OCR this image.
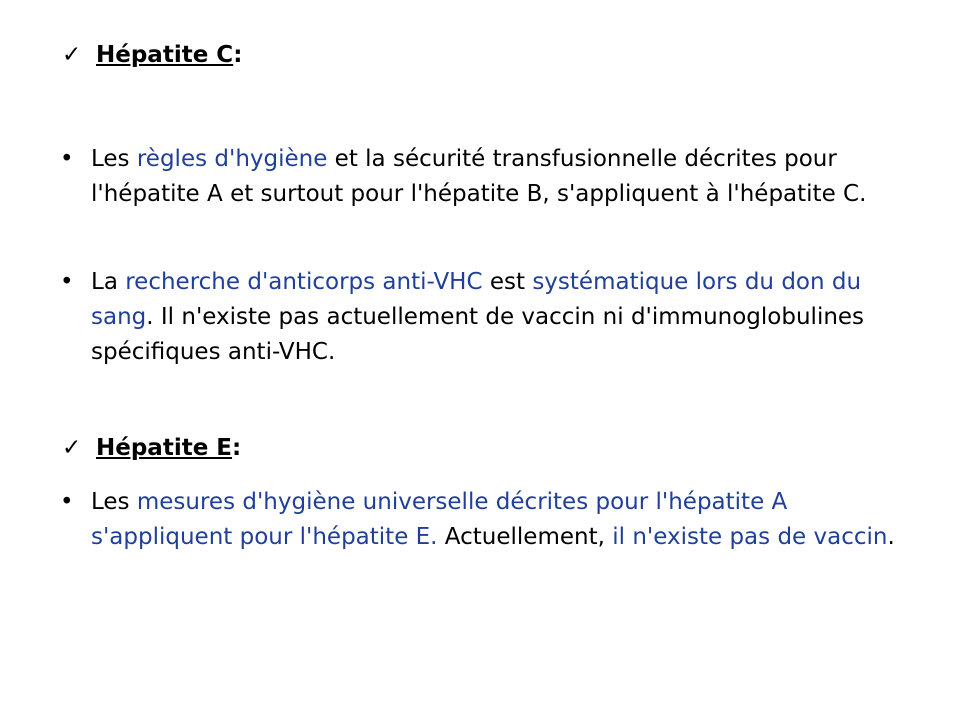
✓ Hépatite C:
• Les règles d'hygiène et la sécurité transfusionnelle décrites pour l'hépatite A et surtout pour l'hépatite B, s'appliquent à l'hépatite C.
• La recherche d'anticorps anti-VHC est systématique lors du don du sang. Il n'existe pas actuellement de vaccin ni d'immunoglobulines spécifiques anti-VHC.
✓ Hépatite E:
• Les mesures d'hygiène universelle décrites pour l'hépatite A s'appliquent pour l'hépatite E. Actuellement, il n'existe pas de vaccin.
